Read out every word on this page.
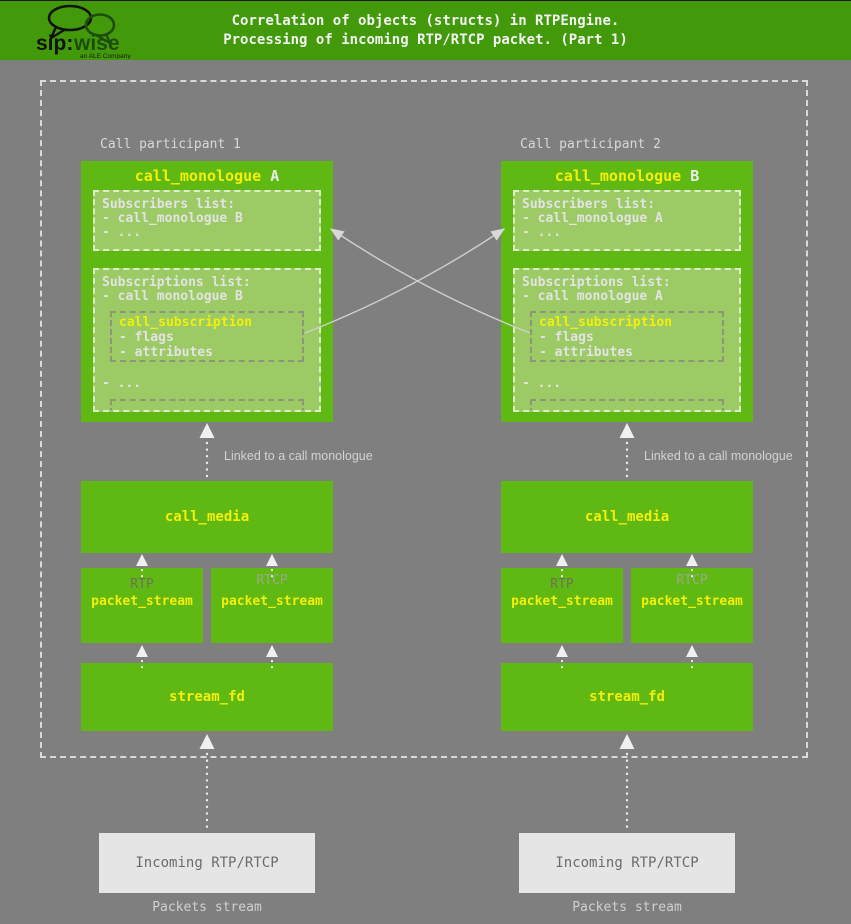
sip: wise
an ALE Company
Correlation of objects (structs) in RTPEngine.
Processing of incoming RTP/RTCP packet. (Part 1)
Call participant 1
call_monologue A
Subscribers list:
- call_monologue B
- ...
Subscriptions list:
- call monologue B
call_subscription
- flags
- attributes
- ...
Linked to a call monologue
call_media
RTP
packet_stream
RTCP
packet_stream
stream_fd
Incoming RTP/RTCP
Packets stream
Call participant 2
call_monologue B
Subscribers list:
- call_monologue A
- ...
Subscriptions list:
- call monologue A
call_subscription
- flags
- attributes
- ...
Linked to a call monologue
call_media
RTP
packet_stream
RTCP
packet_stream
stream_fd
Incoming RTP/RTCP
Packets stream
